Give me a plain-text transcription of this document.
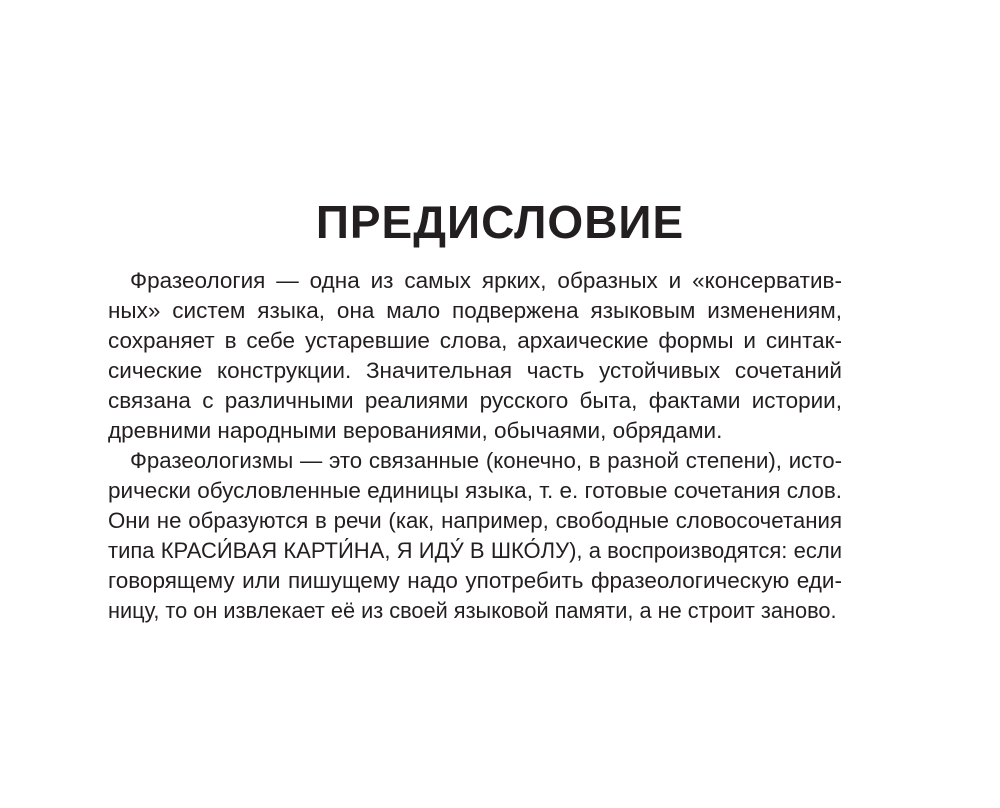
ПРЕДИСЛОВИЕ

Фразеология — одна из самых ярких, образных и «консерватив-
ных» систем языка, она мало подвержена языковым изменениям,
сохраняет в себе устаревшие слова, архаические формы и синтак-
сические конструкции. Значительная часть устойчивых сочетаний
связана с различными реалиями русского быта, фактами истории,
древними народными верованиями, обычаями, обрядами.

Фразеологизмы — это связанные (конечно, в разной степени), исто-
рически обусловленные единицы языка, т. е. готовые сочетания слов.
Они не образуются в речи (как, например, свободные словосочетания
типа КРАСИ́ВАЯ КАРТИ́НА, Я ИДУ́ В ШКО́ЛУ), а воспроизводятся: если
говорящему или пишущему надо употребить фразеологическую еди-
ницу, то он извлекает её из своей языковой памяти, а не строит заново.
